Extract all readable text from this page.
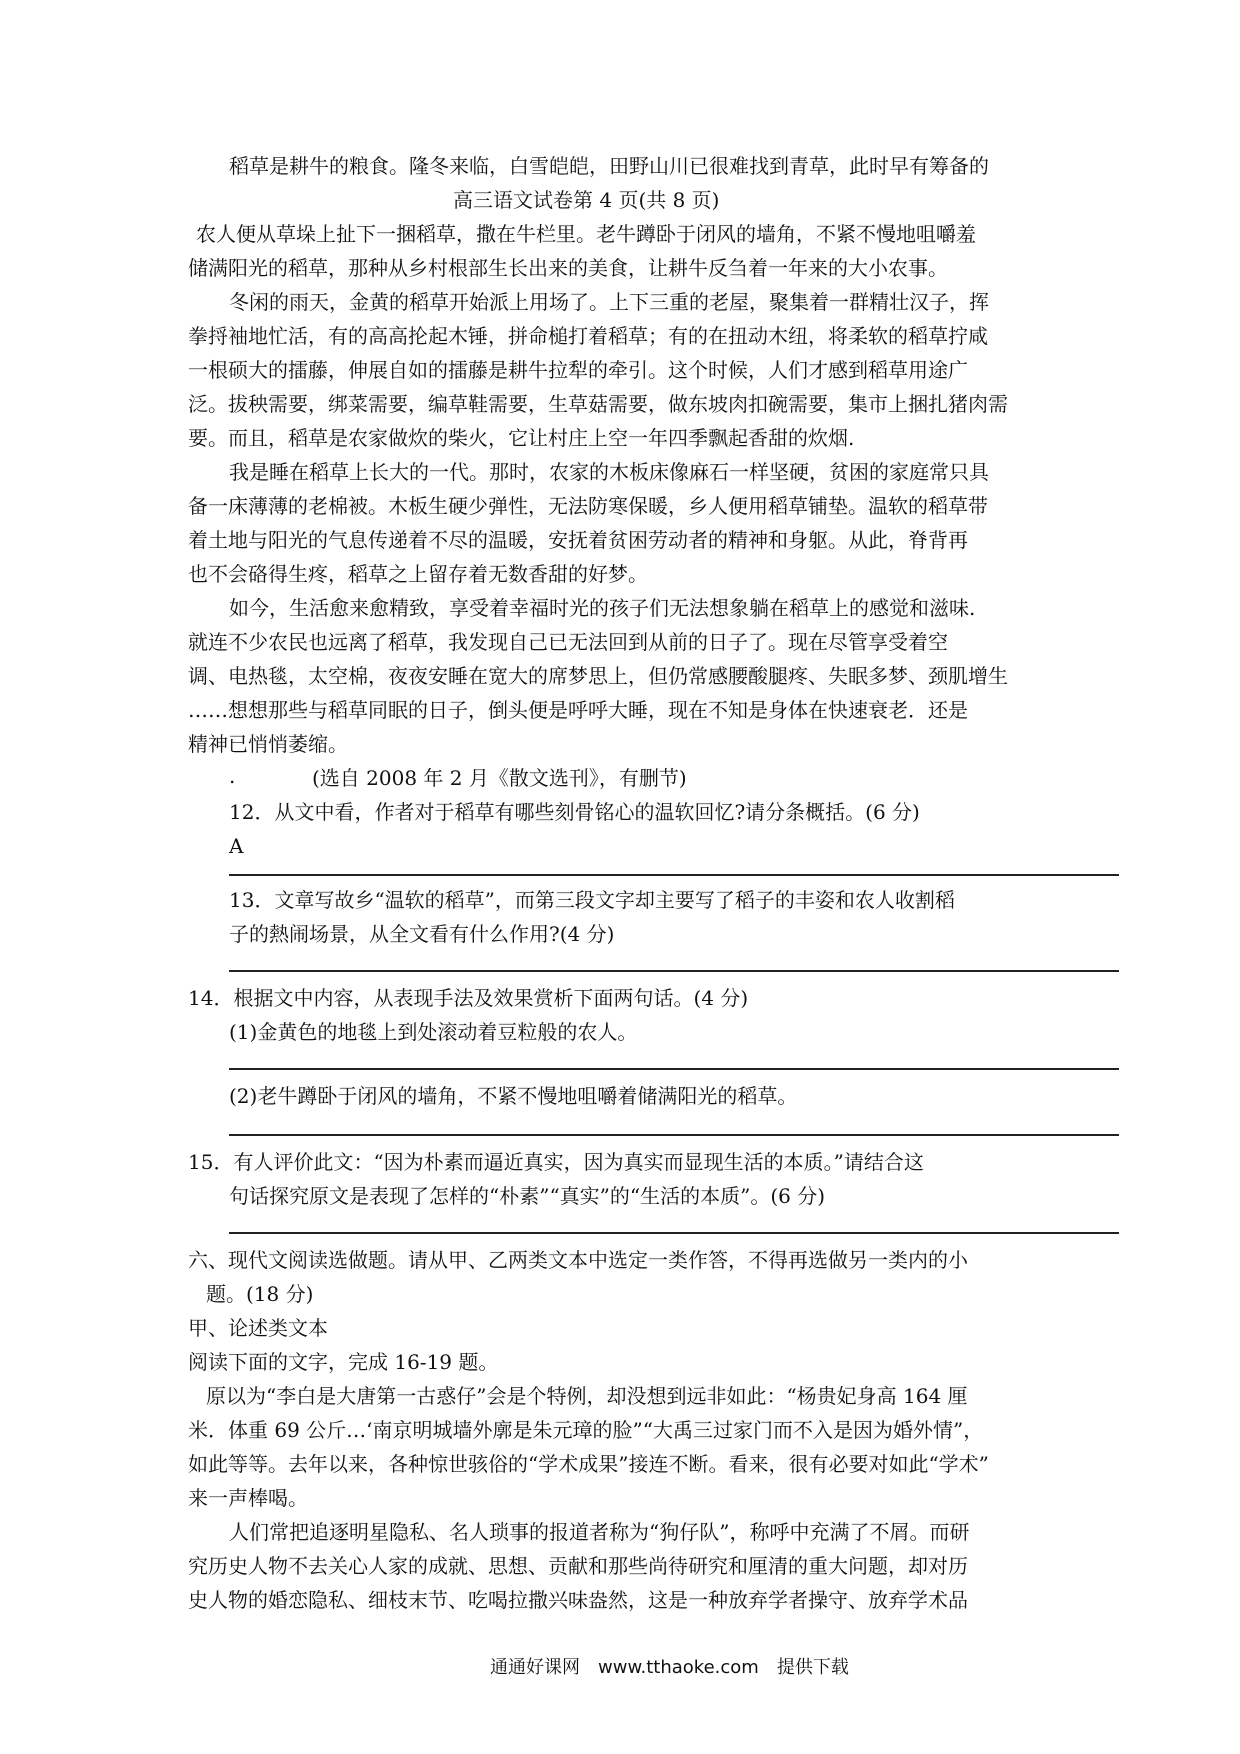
稻草是耕牛的粮食。隆冬来临，白雪皑皑，田野山川已很难找到青草，此时早有筹备的
高三语文试卷第 4 页(共 8 页)
农人便从草垛上扯下一捆稻草，撒在牛栏里。老牛蹲卧于闭风的墙角，不紧不慢地咀嚼羞
储满阳光的稻草，那种从乡村根部生长出来的美食，让耕牛反刍着一年来的大小农事。
冬闲的雨天，金黄的稻草开始派上用场了。上下三重的老屋，聚集着一群精壮汉子，挥
拳捋袖地忙活，有的高高抡起木锤，拼命槌打着稻草；有的在扭动木纽，将柔软的稻草拧咸
一根硕大的擂藤，伸展自如的擂藤是耕牛拉犁的牵引。这个时候，人们才感到稻草用途广
泛。拔秧需要，绑菜需要，编草鞋需要，生草菇需要，做东坡肉扣碗需要，集市上捆扎猪肉需
要。而且，稻草是农家做炊的柴火，它让村庄上空一年四季飘起香甜的炊烟.
我是睡在稻草上长大的一代。那时，农家的木板床像麻石一样坚硬，贫困的家庭常只具
备一床薄薄的老棉被。木板生硬少弹性，无法防寒保暖，乡人便用稻草铺垫。温软的稻草带
着土地与阳光的气息传递着不尽的温暖，安抚着贫困劳动者的精神和身躯。从此，脊背再
也不会硌得生疼，稻草之上留存着无数香甜的好梦。
如今，生活愈来愈精致，享受着幸福时光的孩子们无法想象躺在稻草上的感觉和滋味.
就连不少农民也远离了稻草，我发现自己已无法回到从前的日子了。现在尽管享受着空
调、电热毯，太空棉，夜夜安睡在宽大的席梦思上，但仍常感腰酸腿疼、失眠多梦、颈肌增生
……想想那些与稻草同眠的日子，倒头便是呼呼大睡，现在不知是身体在快速衰老．还是
精神已悄悄萎缩。
.	(选自 2008 年 2 月《散文选刊》，有删节)
12．从文中看，作者对于稻草有哪些刻骨铭心的温软回忆?请分条概括。(6 分)
A
13．文章写故乡“温软的稻草”，而第三段文字却主要写了稻子的丰姿和农人收割稻
子的熱闹场景，从全文看有什么作用?(4 分)
14．根据文中内容，从表现手法及效果赏析下面两句话。(4 分)
(1)金黄色的地毯上到处滚动着豆粒般的农人。
(2)老牛蹲卧于闭风的墙角，不紧不慢地咀嚼着储满阳光的稻草。
15．有人评价此文：“因为朴素而逼近真实，因为真实而显现生活的本质。”请结合这
句话探究原文是表现了怎样的“朴素”“真实”的“生活的本质”。(6 分)
六、现代文阅读选做题。请从甲、乙两类文本中选定一类作答，不得再选做另一类内的小
题。(18 分)
甲、论述类文本
阅读下面的文字，完成 16-19 题。
原以为“李白是大唐第一古惑仔”会是个特例，却没想到远非如此：“杨贵妃身高 164 厘
米．体重 69 公斤…‘南京明城墙外廓是朱元璋的脸”“大禹三过家门而不入是因为婚外情”，
如此等等。去年以来，各种惊世骇俗的“学术成果”接连不断。看来，很有必要对如此“学术”
来一声棒喝。
人们常把追逐明星隐私、名人琐事的报道者称为“狗仔队”，称呼中充满了不屑。而研
究历史人物不去关心人家的成就、思想、贡献和那些尚待研究和厘清的重大问题，却对历
史人物的婚恋隐私、细枝末节、吃喝拉撒兴味盎然，这是一种放弃学者操守、放弃学术品
通通好课网　www.tthaoke.com　提供下载
